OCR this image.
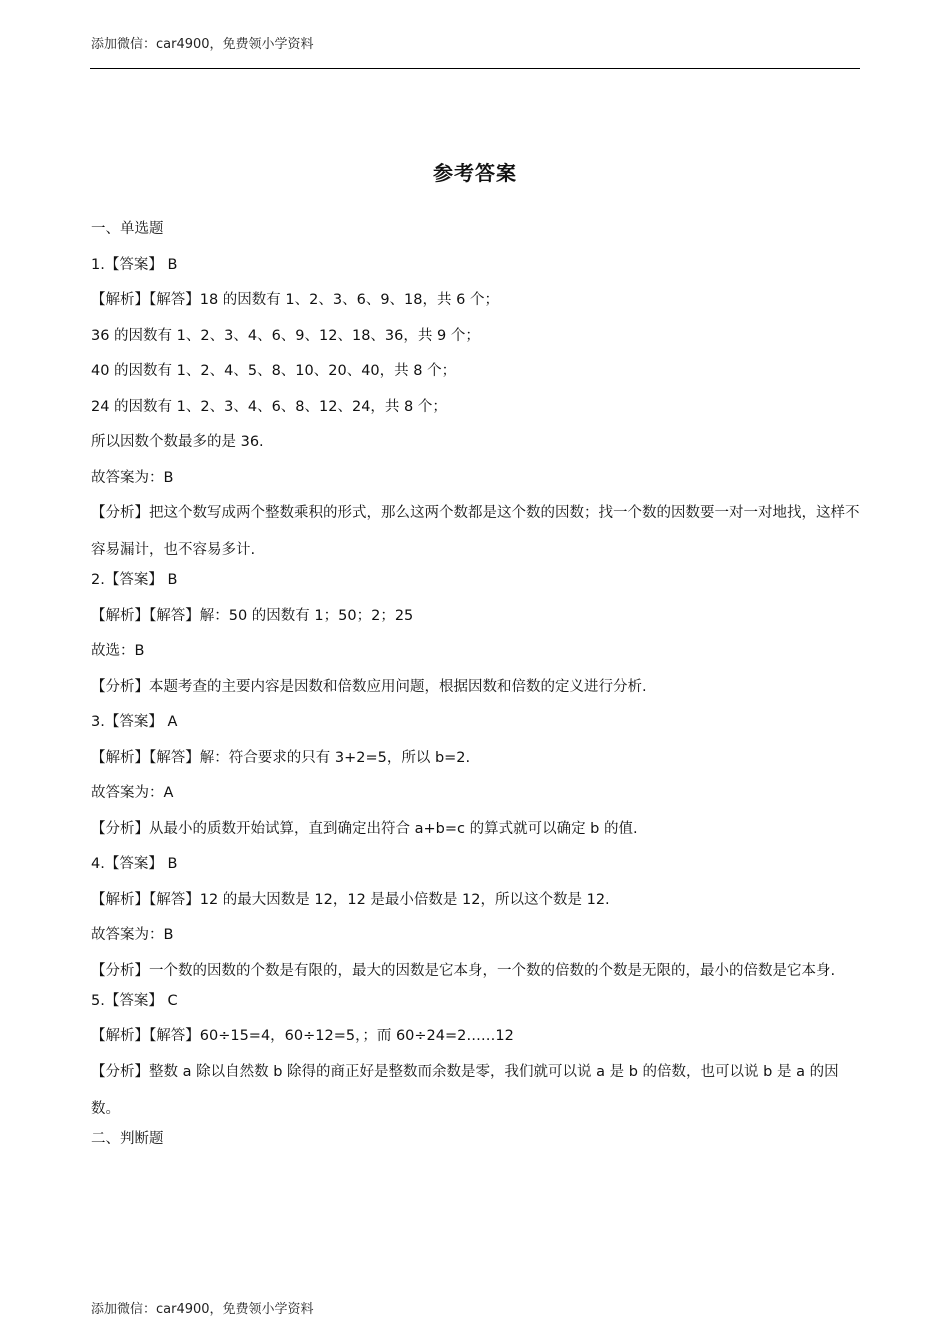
添加微信：car4900，免费领小学资料
参考答案
一、单选题
1.【答案】 B
【解析】【解答】18 的因数有 1、2、3、6、9、18，共 6 个；
36 的因数有 1、2、3、4、6、9、12、18、36，共 9 个；
40 的因数有 1、2、4、5、8、10、20、40，共 8 个；
24 的因数有 1、2、3、4、6、8、12、24，共 8 个；
所以因数个数最多的是 36.
故答案为：B
【分析】把这个数写成两个整数乘积的形式，那么这两个数都是这个数的因数；找一个数的因数要一对一对地找，这样不容易漏计，也不容易多计.
2.【答案】 B
【解析】【解答】解：50 的因数有 1；50；2；25
故选：B
【分析】本题考查的主要内容是因数和倍数应用问题，根据因数和倍数的定义进行分析.
3.【答案】 A
【解析】【解答】解：符合要求的只有 3+2=5，所以 b=2.
故答案为：A
【分析】从最小的质数开始试算，直到确定出符合 a+b=c 的算式就可以确定 b 的值.
4.【答案】 B
【解析】【解答】12 的最大因数是 12，12 是最小倍数是 12，所以这个数是 12.
故答案为：B
【分析】一个数的因数的个数是有限的，最大的因数是它本身，一个数的倍数的个数是无限的，最小的倍数是它本身.
5.【答案】 C
【解析】【解答】60÷15=4，60÷12=5，；而 60÷24=2……12
【分析】整数 a 除以自然数 b 除得的商正好是整数而余数是零，我们就可以说 a 是 b 的倍数，也可以说 b 是 a 的因数。
二、判断题
添加微信：car4900，免费领小学资料
